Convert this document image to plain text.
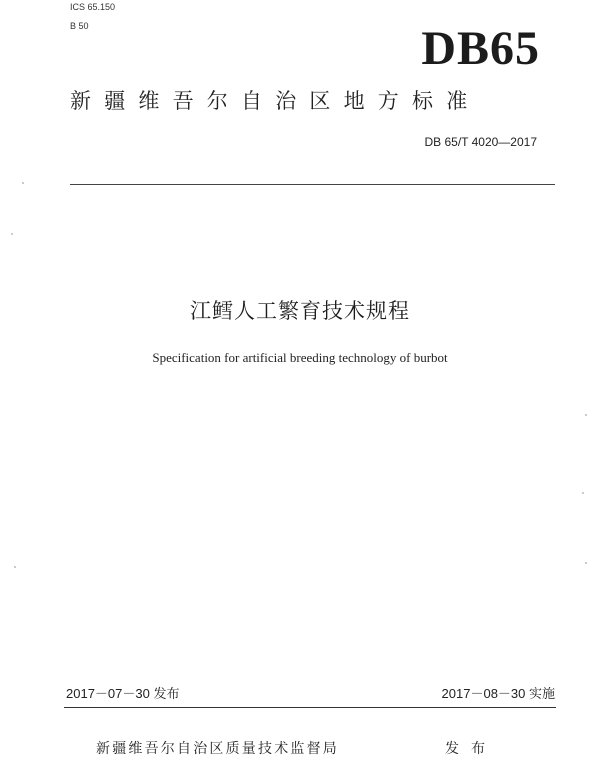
ICS 65.150
B 50	DB65
新疆维吾尔自治区地方标准
DB 65/T 4020—2017
江鳕人工繁育技术规程
Specification for artificial breeding technology of burbot
2017－07－30 发布	2017－08－30 实施
新疆维吾尔自治区质量技术监督局	发布
